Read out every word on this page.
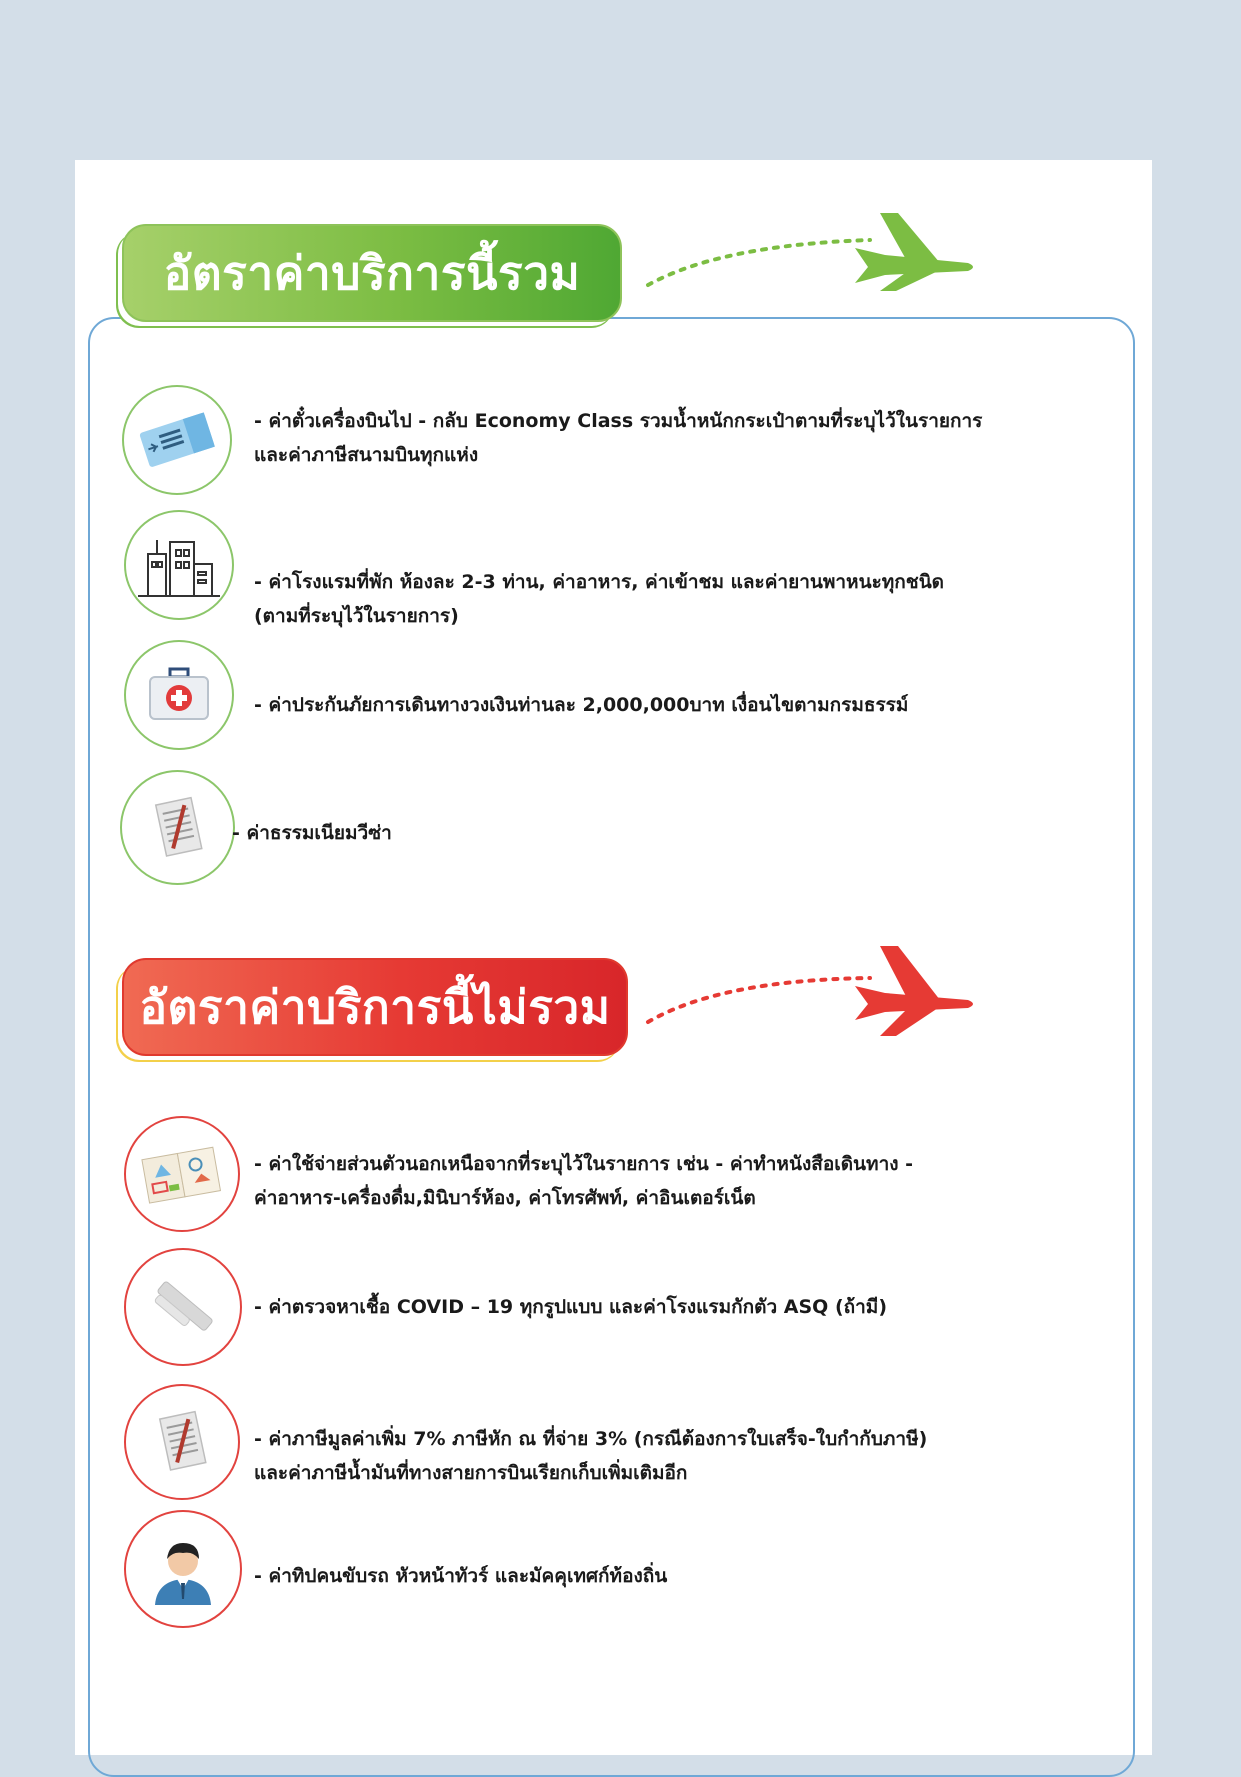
อัตราค่าบริการนี้รวม
- ค่าตั๋วเครื่องบินไป - กลับ Economy Class รวมน้ำหนักกระเป๋าตามที่ระบุไว้ในรายการ
และค่าภาษีสนามบินทุกแห่ง
- ค่าโรงแรมที่พัก ห้องละ 2-3 ท่าน, ค่าอาหาร, ค่าเข้าชม และค่ายานพาหนะทุกชนิด
(ตามที่ระบุไว้ในรายการ)
- ค่าประกันภัยการเดินทางวงเงินท่านละ 2,000,000บาท เงื่อนไขตามกรมธรรม์
- ค่าธรรมเนียมวีซ่า
อัตราค่าบริการนี้ไม่รวม
- ค่าใช้จ่ายส่วนตัวนอกเหนือจากที่ระบุไว้ในรายการ เช่น - ค่าทำหนังสือเดินทาง -
ค่าอาหาร-เครื่องดื่ม,มินิบาร์ห้อง, ค่าโทรศัพท์, ค่าอินเตอร์เน็ต
- ค่าตรวจหาเชื้อ COVID – 19 ทุกรูปแบบ และค่าโรงแรมกักตัว ASQ (ถ้ามี)
- ค่าภาษีมูลค่าเพิ่ม 7% ภาษีหัก ณ ที่จ่าย 3% (กรณีต้องการใบเสร็จ-ใบกำกับภาษี)
และค่าภาษีน้ำมันที่ทางสายการบินเรียกเก็บเพิ่มเติมอีก
- ค่าทิปคนขับรถ หัวหน้าทัวร์ และมัคคุเทศก์ท้องถิ่น
